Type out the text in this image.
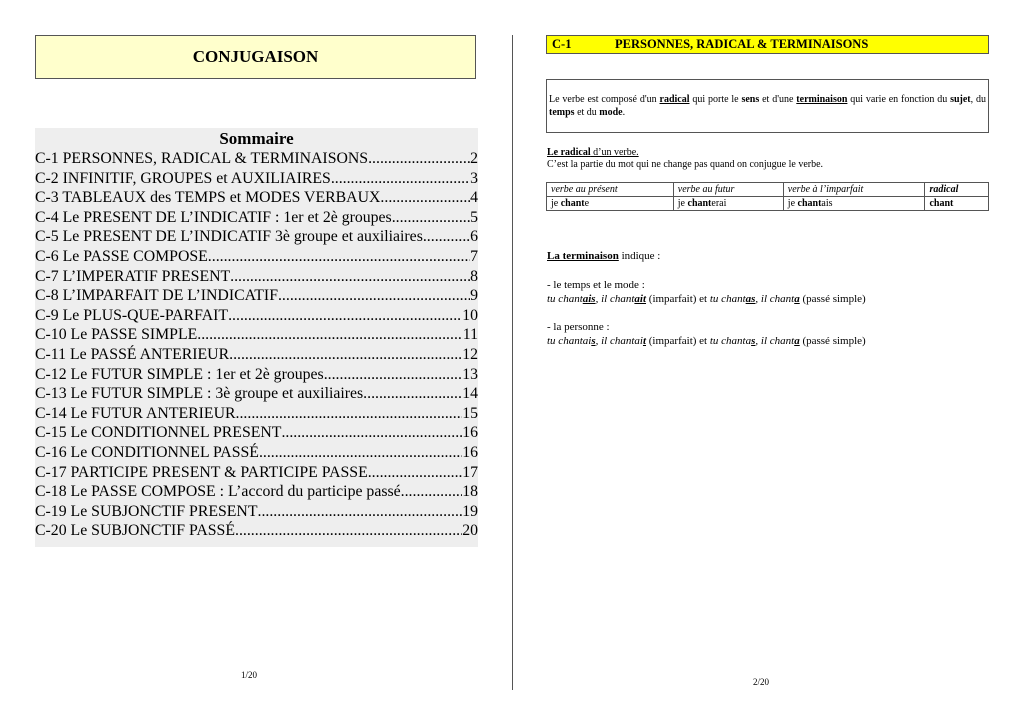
CONJUGAISON
Sommaire
C-1 PERSONNES, RADICAL & TERMINAISONS .....	2
C-2 INFINITIF, GROUPES et AUXILIAIRES .....	3
C-3 TABLEAUX des TEMPS et MODES VERBAUX .....	4
C-4 Le PRESENT DE L’INDICATIF : 1er et 2è groupes .....	5
C-5 Le PRESENT DE L’INDICATIF 3è groupe et auxiliaires. .....	6
C-6 Le PASSE COMPOSE .....	7
C-7 L’IMPERATIF PRESENT .....	8
C-8 L’IMPARFAIT DE L’INDICATIF .....	9
C-9 Le PLUS-QUE-PARFAIT .....	10
C-10 Le PASSE SIMPLE .....	11
C-11 Le PASSÉ ANTERIEUR .....	12
C-12 Le FUTUR SIMPLE : 1er et 2è groupes .....	13
C-13 Le FUTUR SIMPLE : 3è groupe et auxiliaires .....	14
C-14 Le FUTUR ANTERIEUR .....	15
C-15 Le CONDITIONNEL PRESENT .....	16
C-16 Le CONDITIONNEL PASSÉ .....	16
C-17 PARTICIPE PRESENT & PARTICIPE PASSE .....	17
C-18 Le PASSE COMPOSE : L’accord du participe passé. .....	18
C-19 Le SUBJONCTIF PRESENT .....	19
C-20 Le SUBJONCTIF PASSÉ .....	20
1/20
C-1	PERSONNES, RADICAL & TERMINAISONS
Le verbe est composé d'un radical qui porte le sens et d'une terminaison qui varie en fonction du sujet, du temps et du mode.
Le radical d’un verbe.
C’est la partie du mot qui ne change pas quand on conjugue le verbe.
verbe au présent	verbe au futur	verbe à l’imparfait	radical
je chante	je chanterai	je chantais	chant
La terminaison indique :
- le temps et le mode :
tu chantais, il chantait (imparfait) et tu chantas, il chanta (passé simple)
- la personne :
tu chantais, il chantait (imparfait) et tu chantas, il chanta (passé simple)
2/20
